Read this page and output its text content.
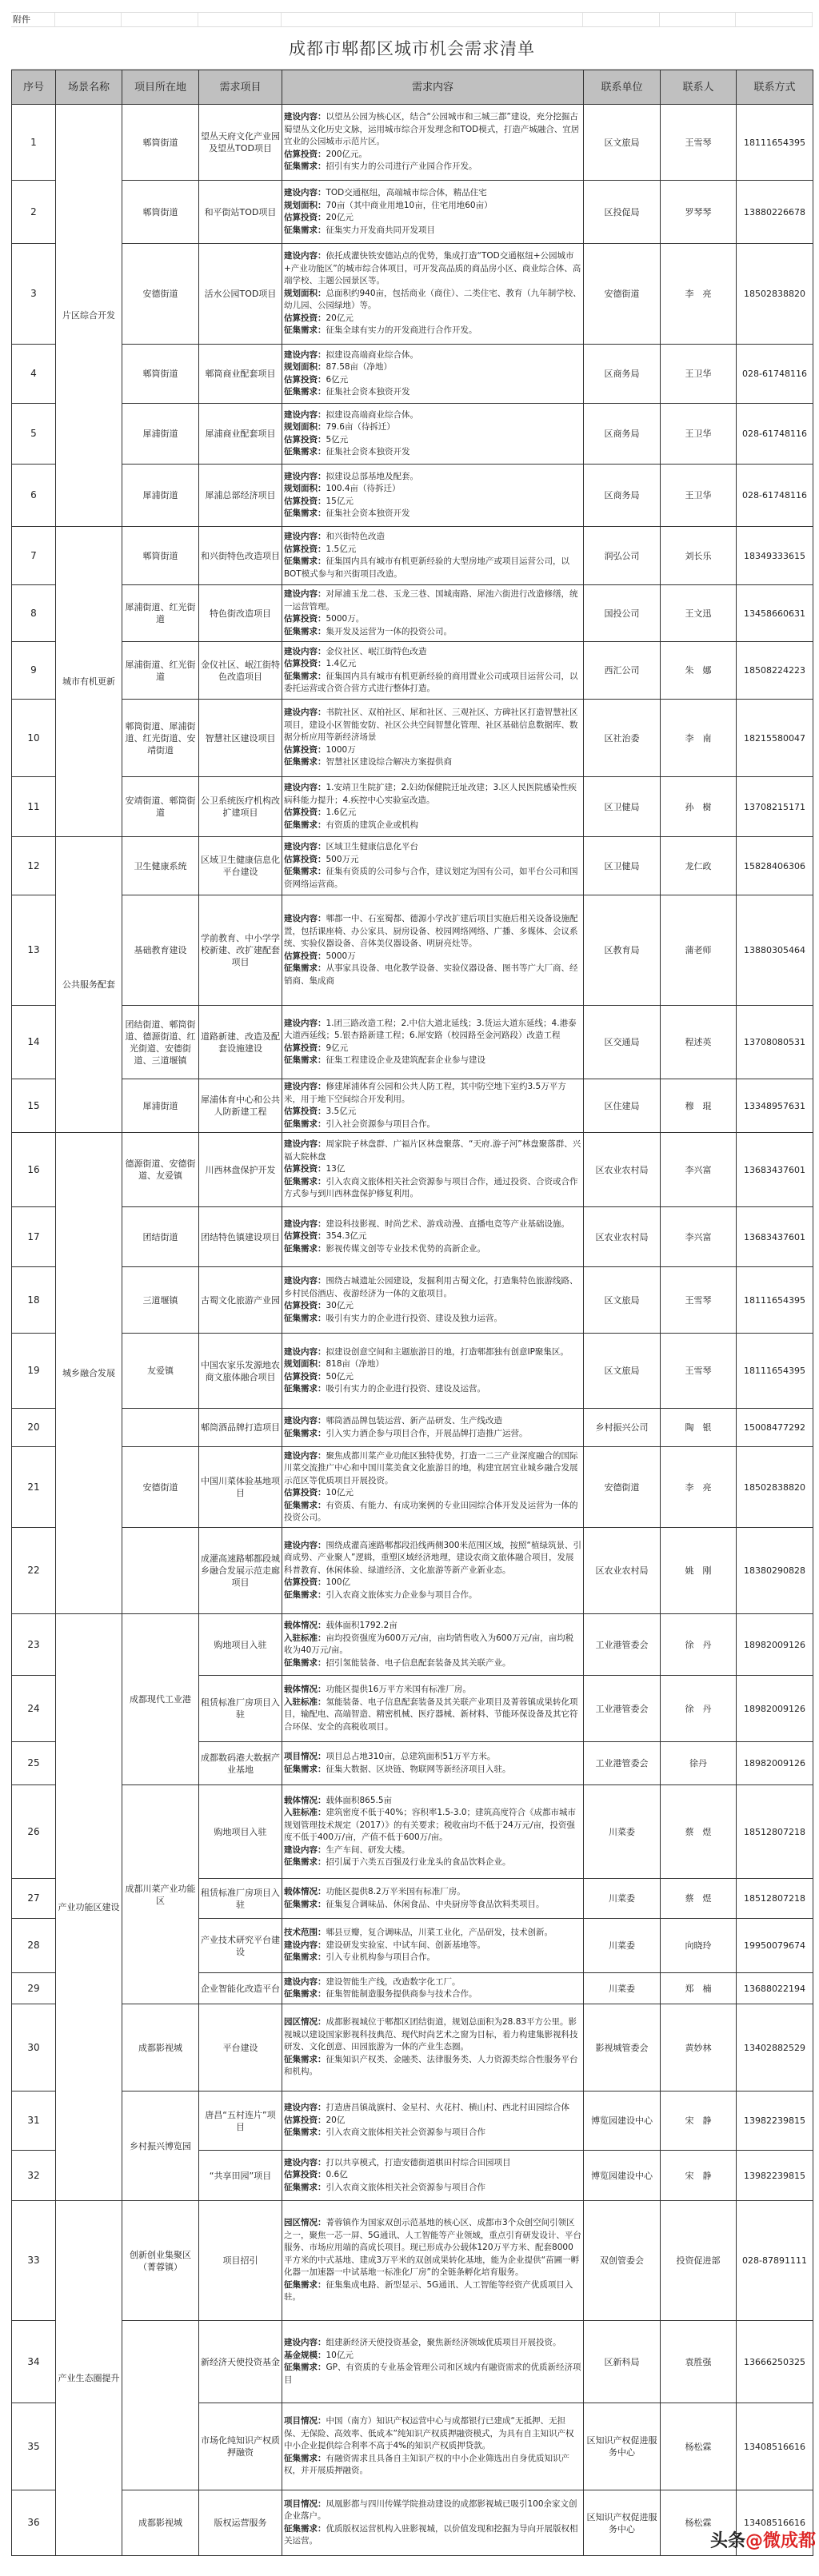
附件
成都市郫都区城市机会需求清单
序号	场景名称	项目所在地	需求项目	需求内容	联系单位	联系人	联系方式
1	片区综合开发	郫筒街道	望丛天府文化产业园及望丛TOD项目	建设内容：以望丛公园为核心区，结合“公园城市和三城三都”建设，充分挖掘古蜀望丛文化历史文脉，运用城市综合开发理念和TOD模式，打造产城融合、宜居宜业的公园城市示范片区。
估算投资：200亿元。
征集需求：招引有实力的公司进行产业园合作开发。	区文旅局	王雪琴	18111654395
2		郫筒街道	和平街站TOD项目	建设内容：TOD交通枢纽，高端城市综合体，精品住宅
规划面积：70亩（其中商业用地10亩，住宅用地60亩）
估算投资：20亿元
征集需求：征集实力开发商共同开发项目	区投促局	罗琴琴	13880226678
3		安德街道	活水公园TOD项目	建设内容：依托成灌快铁安德站点的优势，集成打造“TOD交通枢纽+公园城市+产业功能区”的城市综合体项目，可开发高品质的商品房小区、商业综合体、高端学校、主题公园景区等。
规划面积：总面积约940亩，包括商业（商住）、二类住宅、教育（九年制学校、幼儿园、公园绿地）等。
估算投资：20亿元
征集需求：征集全球有实力的开发商进行合作开发。	安德街道	李　亮	18502838820
4		郫筒街道	郫筒商业配套项目	建设内容：拟建设高端商业综合体。
规划面积：87.58亩（净地）
估算投资：6亿元
征集需求：征集社会资本独资开发	区商务局	王卫华	028-61748116
5		犀浦街道	犀浦商业配套项目	建设内容：拟建设高端商业综合体。
规划面积：79.6亩（待拆迁）
估算投资：5亿元
征集需求：征集社会资本独资开发	区商务局	王卫华	028-61748116
6		犀浦街道	犀浦总部经济项目	建设内容：拟建设总部基地及配套。
规划面积：100.4亩（待拆迁）
估算投资：15亿元
征集需求：征集社会资本独资开发	区商务局	王卫华	028-61748116
7	城市有机更新	郫筒街道	和兴街特色改造项目	建设内容：和兴街特色改造
估算投资：1.5亿元
征集需求：征集国内具有城市有机更新经验的大型房地产或项目运营公司，以BOT模式参与和兴街项目改造。	润弘公司	刘长乐	18349333615
8		犀浦街道、红光街道	特色街改造项目	建设内容：对犀浦玉龙二巷、玉龙三巷、国城南路、犀池六街进行改造修缮，统一运营管理。
估算投资：5000万。
征集需求：集开发及运营为一体的投资公司。	国投公司	王文迅	13458660631
9		犀浦街道、红光街道	金仪社区、岷江街特色改造项目	建设内容：金仪社区、岷江街特色改造
估算投资：1.4亿元
征集需求：征集国内具有城市有机更新经验的商用置业公司或项目运营公司，以委托运营或合资合营方式进行整体打造。	西汇公司	朱　娜	18508224223
10		郫筒街道、犀浦街道、红光街道、安靖街道	智慧社区建设项目	建设内容：书院社区、双柏社区、犀和社区、三观社区、方碑社区打造智慧社区项目，建设小区智能安防、社区公共空间智慧化管理、社区基础信息数据库、数据分析应用等新经济场景
估算投资：1000万
征集需求：智慧社区建设综合解决方案提供商	区社治委	李　南	18215580047
11		安靖街道、郫筒街道	公卫系统医疗机构改扩建项目	建设内容：1.安靖卫生院扩建；2.妇幼保健院迁址改建；3.区人民医院感染性疾病科能力提升；4.疾控中心实验室改造。
估算投资：1.6亿元
征集需求：有资质的建筑企业或机构	区卫健局	孙　樹	13708215171
12	公共服务配套	卫生健康系统	区域卫生健康信息化平台建设	建设内容：区域卫生健康信息化平台
估算投资：500万元
征集需求：征集有资质的公司参与合作，建议划定为国有公司，如平台公司和国资网络运营商。	区卫健局	龙仁政	15828406306
13		基础教育建设	学前教育、中小学学校新建、改扩建配套项目	建设内容：郫都一中、石室蜀都、德源小学改扩建后项目实施后相关设备设施配置，包括课座椅、办公家具、厨房设备、校园网络网络、广播、多媒体、会议系统、实验仪器设备、音体美仪器设备、明厨亮灶等。
估算投资：5000万
征集需求：从事家具设备、电化教学设备、实验仪器设备、图书等广大厂商、经销商、集成商	区教育局	蒲老师	13880305464
14		团结街道、郫筒街道、德源街道、红光街道、安德街道、三道堰镇	道路新建、改造及配套设施建设	建设内容：1.团三路改造工程；2.中信大道北延线；3.货运大道东延线；4.港泰大道西延线；5.银杏路新建工程；6.犀安路（校园路至金河路段）改造工程
估算投资：9亿元
征集需求：征集工程建设企业及建筑配套企业参与建设	区交通局	程述英	13708080531
15		犀浦街道	犀浦体育中心和公共人防新建工程	建设内容：修建犀浦体育公园和公共人防工程，其中防空地下室约3.5万平方米，用于地下空间综合开发利用。
估算投资：3.5亿元
征集需求：引入社会资源参与项目合作。	区住建局	穆　琨	13348957631
16	城乡融合发展	德源街道、安德街道、友爱镇	川西林盘保护开发	建设内容：周家院子林盘群、广福片区林盘聚落、“天府.游子河”林盘聚落群、兴福大院林盘
估算投资：13亿
征集需求：引入农商文旅体相关社会资源参与项目合作，通过投资、合资或合作方式参与到川西林盘保护修复利用。	区农业农村局	李兴富	13683437601
17		团结街道	团结特色镇建设项目	建设内容：建设科技影视、时尚艺术、游戏动漫、直播电竞等产业基础设施。
估算投资：354.3亿元
征集需求：影视传媒文创等专业技术优势的高新企业。	区农业农村局	李兴富	13683437601
18		三道堰镇	古蜀文化旅游产业园	建设内容：围绕古城遗址公园建设，发掘利用古蜀文化，打造集特色旅游线路、乡村民俗酒店、夜游经济为一体的文旅项目。
估算投资：30亿元
征集需求：吸引有实力的企业进行投资、建设及独力运营。	区文旅局	王雪琴	18111654395
19		友爱镇	中国农家乐发源地农商文旅体融合项目	建设内容：拟建设创意空间和主题旅游目的地，打造郫都独有创意IP聚集区。
规划面积：818亩（净地）
估算投资：50亿元
征集需求：吸引有实力的企业进行投资、建设及运营。	区文旅局	王雪琴	18111654395
20			郫筒酒品牌打造项目	建设内容：郫筒酒品牌包装运营、新产品研发、生产线改造
征集需求：引入实力酒企参与项目合作，开展品牌打造推广运营。	乡村振兴公司	陶　银	15008477292
21		安德街道	中国川菜体验基地项目	建设内容：聚焦成都川菜产业功能区独特优势，打造一二三产业深度融合的国际川菜交流推广中心和中国川菜美食文化旅游目的地，构建宜居宜业城乡融合发展示范区等优质项目开展投资。
估算投资：10亿元
征集需求：有资质、有能力、有成功案例的专业田园综合体开发及运营为一体的投资公司。	安德街道	李　亮	18502838820
22			成灌高速路郫都段城乡融合发展示范走廊项目	建设内容：围绕成灌高速路郫都段沿线两侧300米范围区域，按照“植绿筑景、引商成势、产业聚人”逻辑，重塑区域经济地理，建设农商文旅体融合项目，发展科普教育、休闲体验、绿道经济、文化旅游等新产业新业态。
估算投资：100亿
征集需求：引入农商文旅体实力企业参与项目合作。	区农业农村局	姚　刚	18380290828
23	产业功能区建设	成都现代工业港	购地项目入驻	载体情况：载体面积1792.2亩
入驻标准：亩均投资强度为600万元/亩，亩均销售收入为600万元/亩，亩均税收为40万元/亩。
征集需求：招引氢能装备、电子信息配套装备及其关联产业。	工业港管委会	徐　丹	18982009126
24			租赁标准厂房项目入驻	载体情况：功能区提供16万平方米国有标准厂房。
入驻标准：氢能装备、电子信息配套装备及其关联产业项目及菁蓉镇成果转化项目，输配电、高端智造、精密机械、医疗器械、新材料、节能环保设备及其它符合环保、安全的高税收项目。	工业港管委会	徐　丹	18982009126
25			成都数码港大数据产业基地	项目情况：项目总占地310亩，总建筑面积51万平方米。
征集需求：征集大数据、区块链、物联网等新经济项目入驻。	工业港管委会	徐丹	18982009126
26		成都川菜产业功能区	购地项目入驻	载体情况：载体面积865.5亩
入驻标准：建筑密度不低于40%；容积率1.5-3.0；建筑高度符合《成都市城市规划管理技术规定（2017）》的有关要求；税收亩均不低于24万元/亩，投资强度不低于400万/亩，产值不低于600万/亩。
建设内容：生产车间、研发大楼。
征集需求：招引属于六类五百强及行业龙头的食品饮料企业。	川菜委	蔡　煜	18512807218
27			租赁标准厂房项目入驻	载体情况：功能区提供8.2万平米国有标准厂房。
征集需求：征集复合调味品、休闲食品、中央厨房等食品饮料类项目。	川菜委	蔡　煜	18512807218
28			产业技术研究平台建设	技术范围：郫县豆瓣，复合调味品，川菜工业化，产品研发，技术创新。
建设内容：建设研发实验室、中试车间、创新基地等。
征集需求：引入专业机构参与项目合作。	川菜委	向晓玲	19950079674
29			企业智能化改造平台	建设内容：建设智能生产线，改造数字化工厂。
征集需求：征集智能制造服务提供商参与技术合作。	川菜委	郑　楠	13688022194
30		成都影视城	平台建设	园区情况：成都影视城位于郫都区团结街道，规划总面积为28.83平方公里。影视城以建设国家影视科技典范、现代时尚艺术之窗为目标，着力构建集影视科技研发、文化创意、田园旅游为一体的产业生态圈。
征集需求：征集知识产权类、金融类、法律服务类、人力资源类综合性服务平台和机构。	影视城管委会	黄妙林	13402882529
31		乡村振兴博览园	唐昌“五村连片”项目	建设内容：打造唐昌镇战旗村、金星村、火花村、横山村、西北村田园综合体
估算投资：20亿
征集需求：引入农商文旅体相关社会资源参与项目合作	博览园建设中心	宋　静	13982239815
32			“共享田园”项目	建设内容：打以共享模式，打造安德街道棋田村综合田园项目
估算投资：0.6亿
征集需求：引入农商文旅体相关社会资源参与项目合作	博览园建设中心	宋　静	13982239815
33	产业生态圈提升	创新创业集聚区（菁蓉镇）	项目招引	园区情况：菁蓉镇作为国家双创示范基地的核心区、成都市3个众创空间引领区之一，聚焦一芯一屏、5G通讯、人工智能等产业领域，重点引育研发设计、平台服务、市场应用端的高成长项目。现已形成办公载体120万平方米、配套8000平方米的中式基地、建成3万平米的双创成果转化基地，能为企业提供“苗圃一孵化器一加速器一中试基地一标准化厂房”的全链条孵化培育服务。
征集需求：征集集成电路、新型显示、5G通讯、人工智能等经资产优质项目入驻。	双创管委会	投资促进部	028-87891111
34			新经济天使投资基金	建设内容：组建新经济天使投资基金，聚焦新经济领域优质项目开展投资。
基金规模：10亿元
征集需求：GP、有资质的专业基金管理公司和区域内有融资需求的优质新经济项目	区新科局	袁胜强	13666250325
35			市场化纯知识产权质押融资	项目情况：中国（南方）知识产权运营中心与成都银行已建成“无抵押、无担保、无保险、高效率、低成本”纯知识产权质押融资模式，为具有自主知识产权中小企业提供综合利率不高于4%的知识产权质押贷款。
征集需求：有融资需求且具备自主知识产权的中小企业筛选出自身优质知识产权，并开展质押融资。	区知识产权促进服务中心	杨松霖	13408516616
36		成都影视城	版权运营服务	项目情况：凤凰影都与四川传媒学院推动建设的成都影视城已吸引100余家文创企业落户。
征集需求：优质版权运营机构入驻影视城，以价值发现和挖掘为导向开展版权相关运营。	区知识产权促进服务中心	杨松霖	13408516616
头条@微成都
